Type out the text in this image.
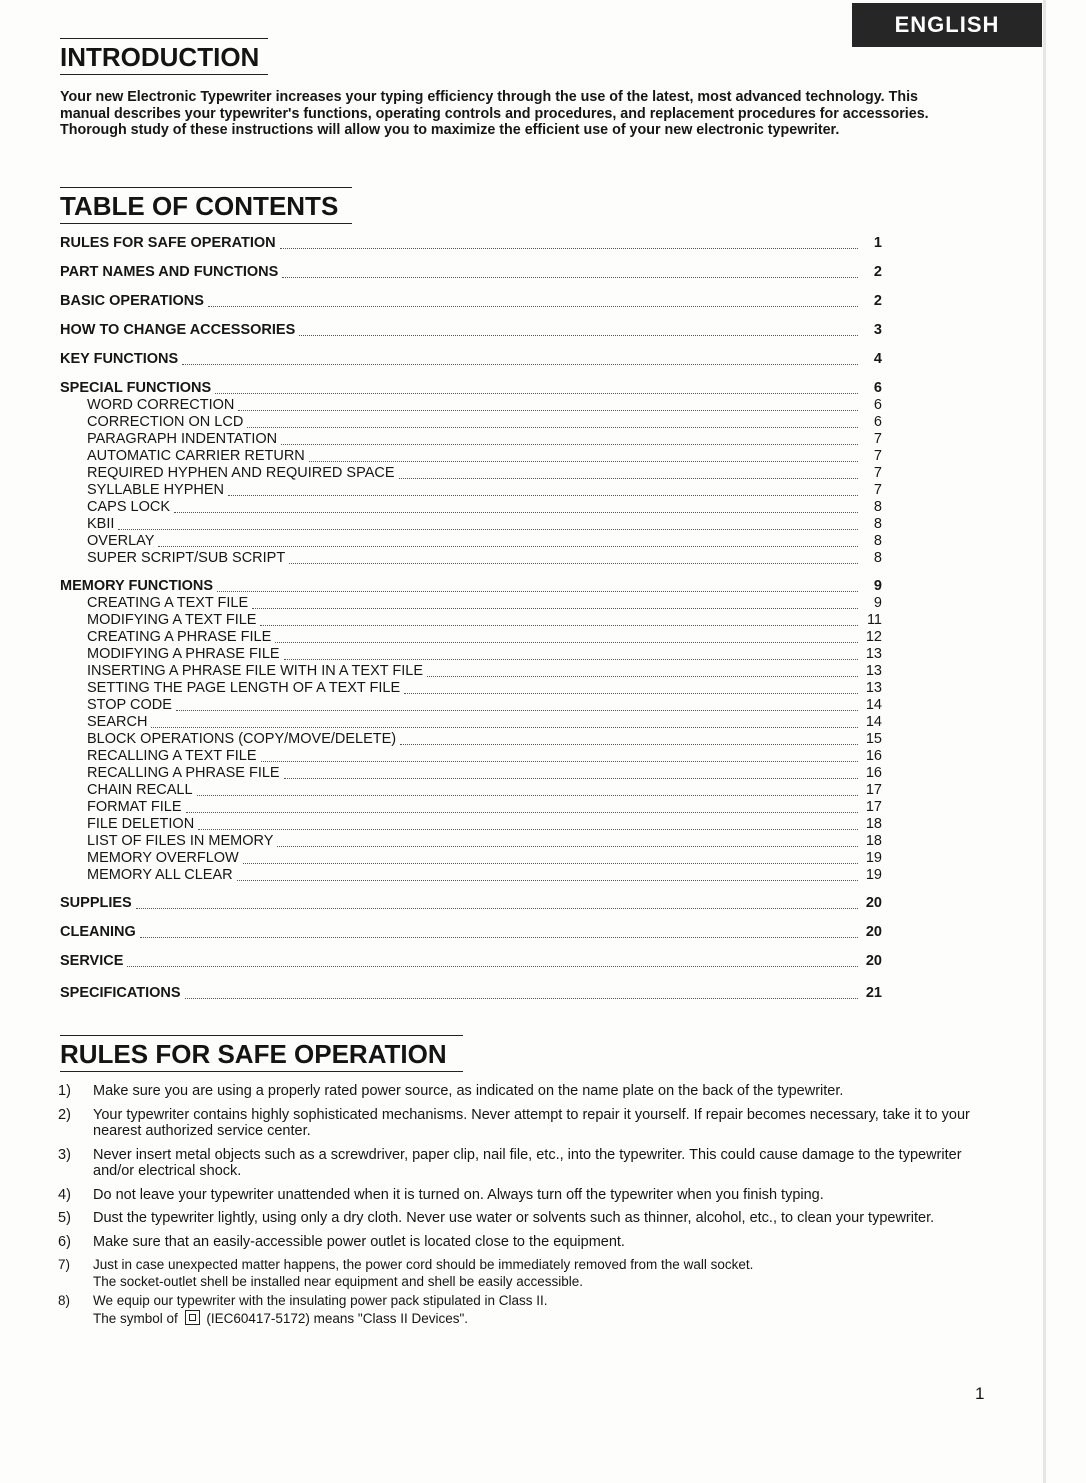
ENGLISH
INTRODUCTION

Your new Electronic Typewriter increases your typing efficiency through the use of the latest, most advanced technology. This manual describes your typewriter's functions, operating controls and procedures, and replacement procedures for accessories. Thorough study of these instructions will allow you to maximize the efficient use of your new electronic typewriter.

TABLE OF CONTENTS
RULES FOR SAFE OPERATION	1
PART NAMES AND FUNCTIONS	2
BASIC OPERATIONS	2
HOW TO CHANGE ACCESSORIES	3
KEY FUNCTIONS	4
SPECIAL FUNCTIONS	6
WORD CORRECTION	6
CORRECTION ON LCD	6
PARAGRAPH INDENTATION	7
AUTOMATIC CARRIER RETURN	7
REQUIRED HYPHEN AND REQUIRED SPACE	7
SYLLABLE HYPHEN	7
CAPS LOCK	8
KBII	8
OVERLAY	8
SUPER SCRIPT/SUB SCRIPT	8
MEMORY FUNCTIONS	9
CREATING A TEXT FILE	9
MODIFYING A TEXT FILE	11
CREATING A PHRASE FILE	12
MODIFYING A PHRASE FILE	13
INSERTING A PHRASE FILE WITH IN A TEXT FILE	13
SETTING THE PAGE LENGTH OF A TEXT FILE	13
STOP CODE	14
SEARCH	14
BLOCK OPERATIONS (COPY/MOVE/DELETE)	15
RECALLING A TEXT FILE	16
RECALLING A PHRASE FILE	16
CHAIN RECALL	17
FORMAT FILE	17
FILE DELETION	18
LIST OF FILES IN MEMORY	18
MEMORY OVERFLOW	19
MEMORY ALL CLEAR	19
SUPPLIES	20
CLEANING	20
SERVICE	20
SPECIFICATIONS	21
RULES FOR SAFE OPERATION
1)	Make sure you are using a properly rated power source, as indicated on the name plate on the back of the typewriter.
2)	Your typewriter contains highly sophisticated mechanisms. Never attempt to repair it yourself. If repair becomes necessary, take it to your nearest authorized service center.
3)	Never insert metal objects such as a screwdriver, paper clip, nail file, etc., into the typewriter. This could cause damage to the typewriter and/or electrical shock.
4)	Do not leave your typewriter unattended when it is turned on. Always turn off the typewriter when you finish typing.
5)	Dust the typewriter lightly, using only a dry cloth. Never use water or solvents such as thinner, alcohol, etc., to clean your typewriter.
6)	Make sure that an easily-accessible power outlet is located close to the equipment.
7)	Just in case unexpected matter happens, the power cord should be immediately removed from the wall socket.
The socket-outlet shell be installed near equipment and shell be easily accessible.
8)	We equip our typewriter with the insulating power pack stipulated in Class II.
The symbol of (IEC60417-5172) means "Class II Devices".
1
